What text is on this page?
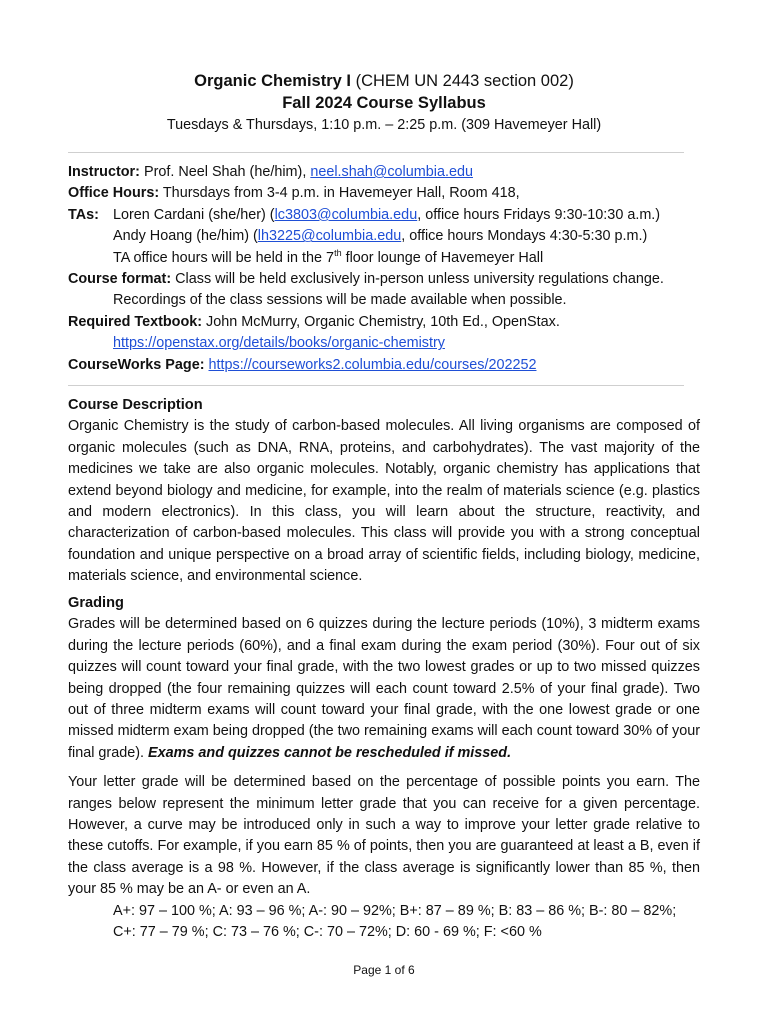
Organic Chemistry I (CHEM UN 2443 section 002)
Fall 2024 Course Syllabus
Tuesdays & Thursdays, 1:10 p.m. – 2:25 p.m. (309 Havemeyer Hall)
Instructor: Prof. Neel Shah (he/him), neel.shah@columbia.edu
Office Hours: Thursdays from 3-4 p.m. in Havemeyer Hall, Room 418,
TAs: Loren Cardani (she/her) (lc3803@columbia.edu, office hours Fridays 9:30-10:30 a.m.)
Andy Hoang (he/him) (lh3225@columbia.edu, office hours Mondays 4:30-5:30 p.m.)
TA office hours will be held in the 7th floor lounge of Havemeyer Hall
Course format: Class will be held exclusively in-person unless university regulations change.
Recordings of the class sessions will be made available when possible.
Required Textbook: John McMurry, Organic Chemistry, 10th Ed., OpenStax.
https://openstax.org/details/books/organic-chemistry
CourseWorks Page: https://courseworks2.columbia.edu/courses/202252
Course Description

Organic Chemistry is the study of carbon-based molecules. All living organisms are composed of organic molecules (such as DNA, RNA, proteins, and carbohydrates). The vast majority of the medicines we take are also organic molecules. Notably, organic chemistry has applications that extend beyond biology and medicine, for example, into the realm of materials science (e.g. plastics and modern electronics). In this class, you will learn about the structure, reactivity, and characterization of carbon-based molecules. This class will provide you with a strong conceptual foundation and unique perspective on a broad array of scientific fields, including biology, medicine, materials science, and environmental science.

Grading

Grades will be determined based on 6 quizzes during the lecture periods (10%), 3 midterm exams during the lecture periods (60%), and a final exam during the exam period (30%). Four out of six quizzes will count toward your final grade, with the two lowest grades or up to two missed quizzes being dropped (the four remaining quizzes will each count toward 2.5% of your final grade). Two out of three midterm exams will count toward your final grade, with the one lowest grade or one missed midterm exam being dropped (the two remaining exams will each count toward 30% of your final grade). Exams and quizzes cannot be rescheduled if missed.

Your letter grade will be determined based on the percentage of possible points you earn. The ranges below represent the minimum letter grade that you can receive for a given percentage. However, a curve may be introduced only in such a way to improve your letter grade relative to these cutoffs. For example, if you earn 85 % of points, then you are guaranteed at least a B, even if the class average is a 98 %. However, if the class average is significantly lower than 85 %, then your 85 % may be an A- or even an A.

A+: 97 – 100 %; A: 93 – 96 %; A-: 90 – 92%; B+: 87 – 89 %; B: 83 – 86 %; B-: 80 – 82%;
C+: 77 – 79 %; C: 73 – 76 %; C-: 70 – 72%; D: 60 - 69 %; F: <60 %
Page 1 of 6
